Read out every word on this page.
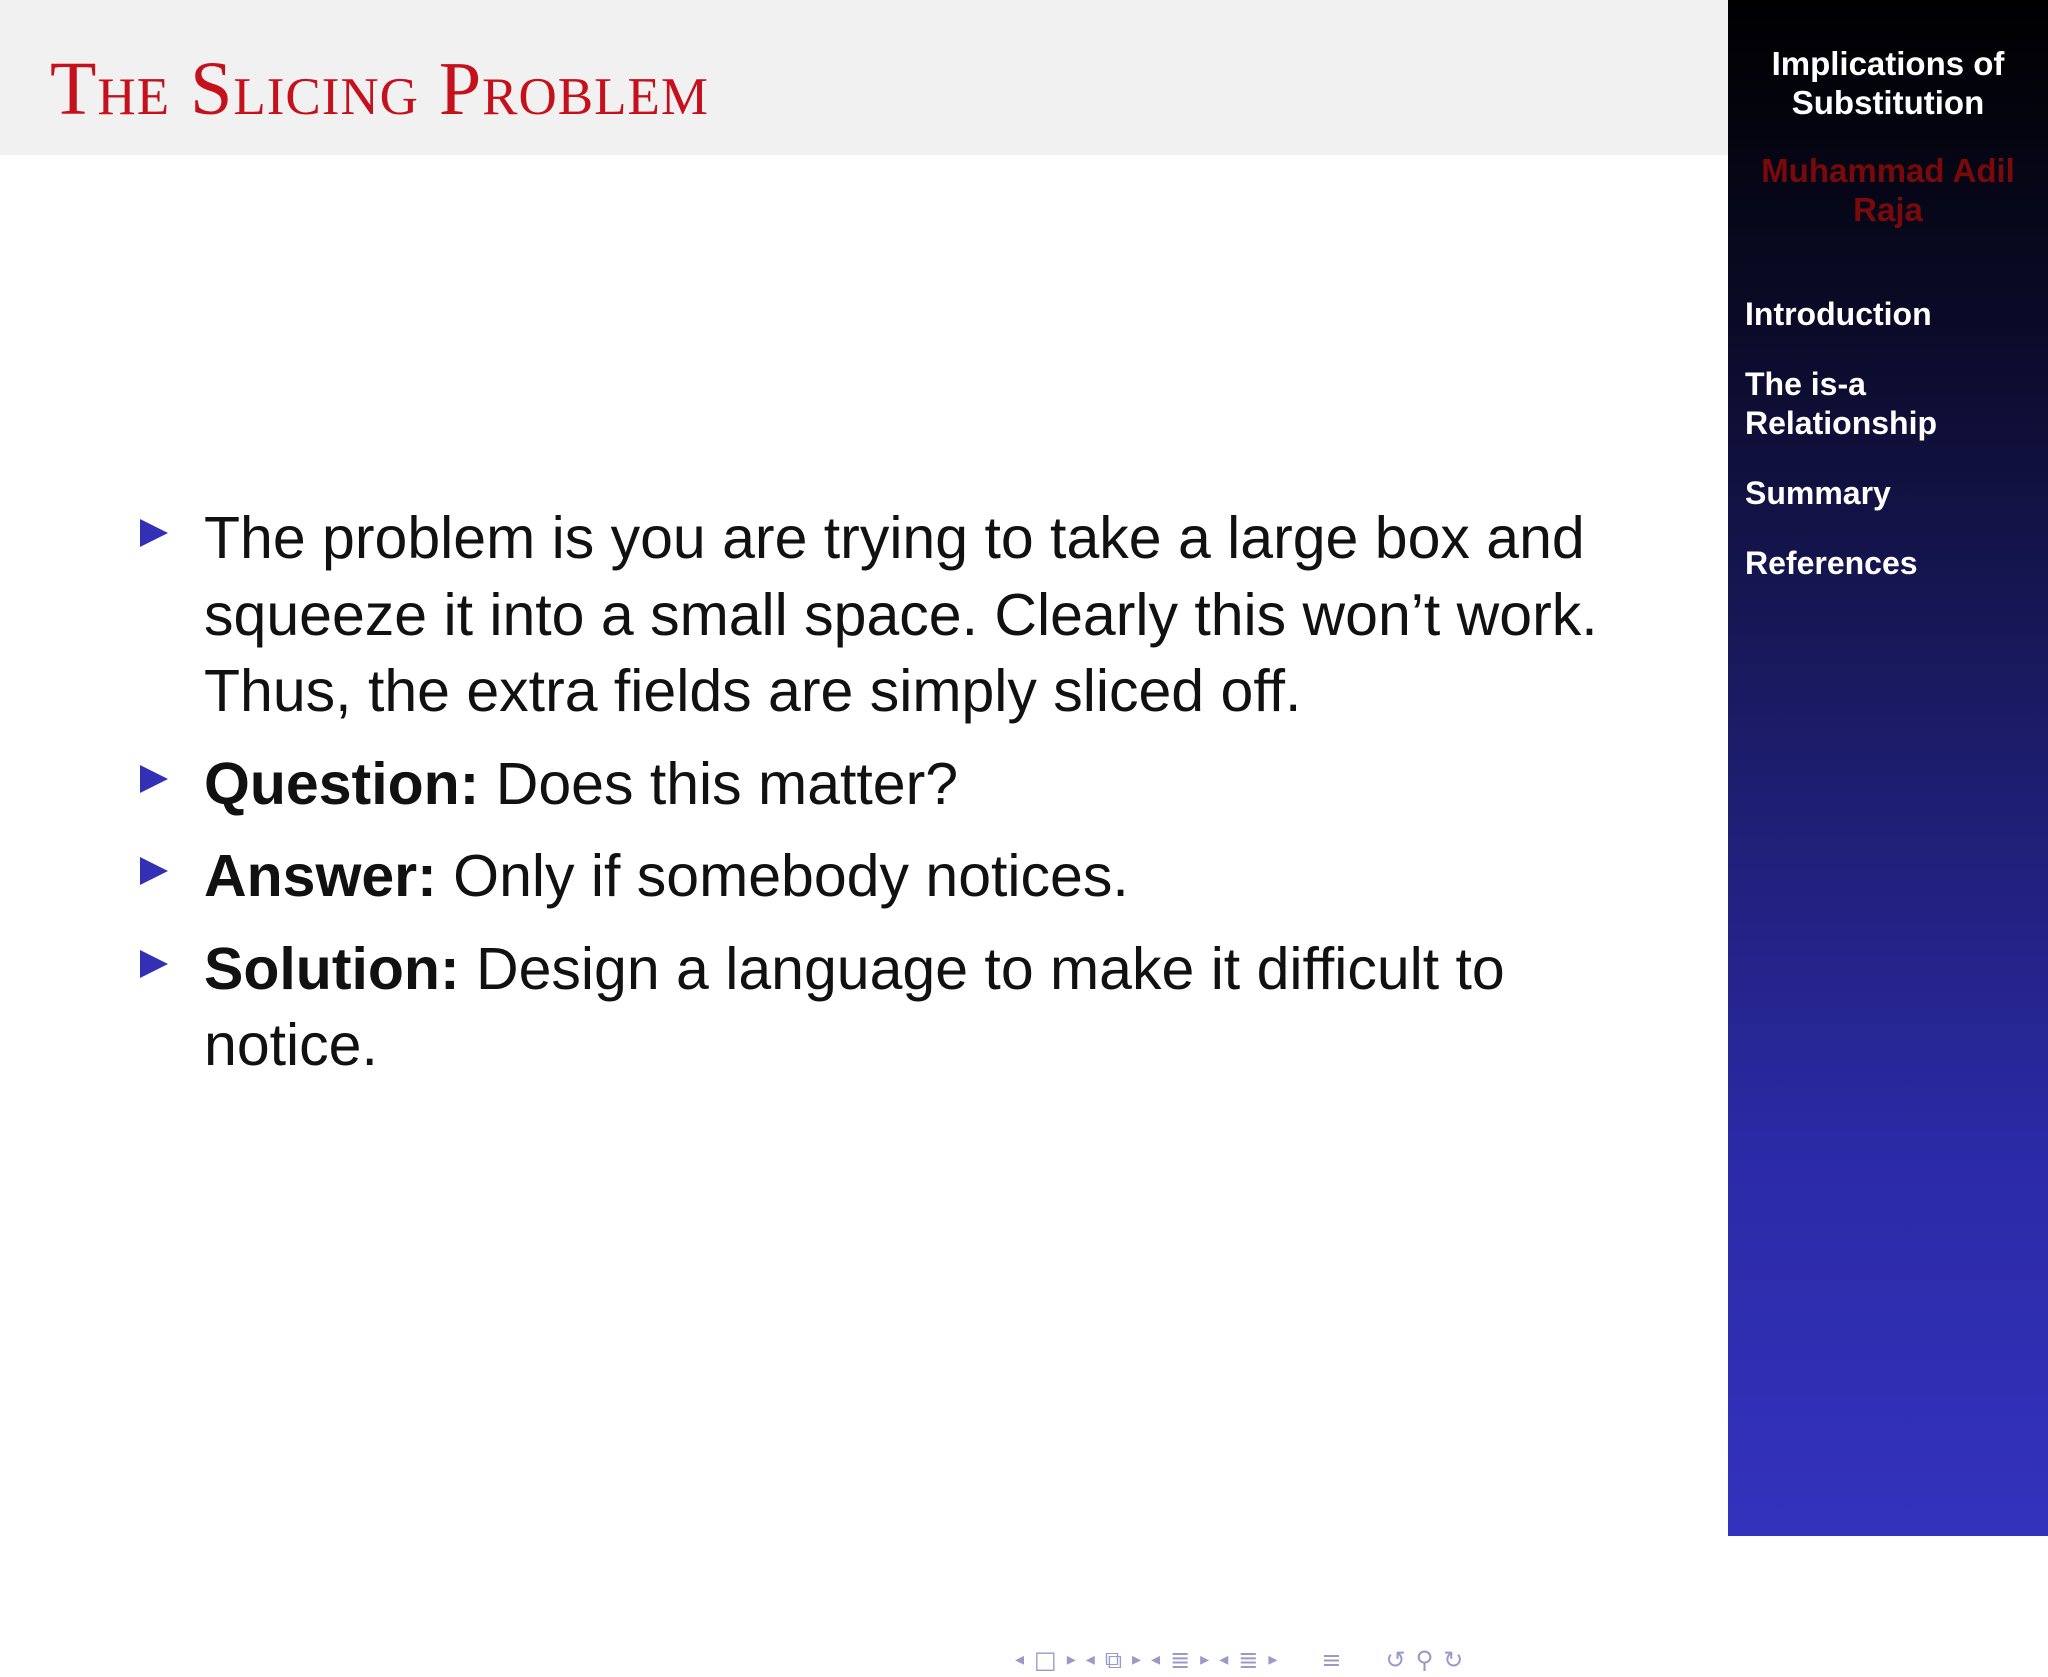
The Slicing Problem
The problem is you are trying to take a large box and squeeze it into a small space. Clearly this won’t work. Thus, the extra fields are simply sliced off.
Question: Does this matter?
Answer: Only if somebody notices.
Solution: Design a language to make it difficult to notice.
◂ □ ▸ ◂ ⧉ ▸ ◂ ≣ ▸ ◂ ≣ ▸ ≡ ↺ ⚲ ↻
Implications of Substitution
Muhammad Adil Raja
Introduction
The is-a Relationship
Summary
References
